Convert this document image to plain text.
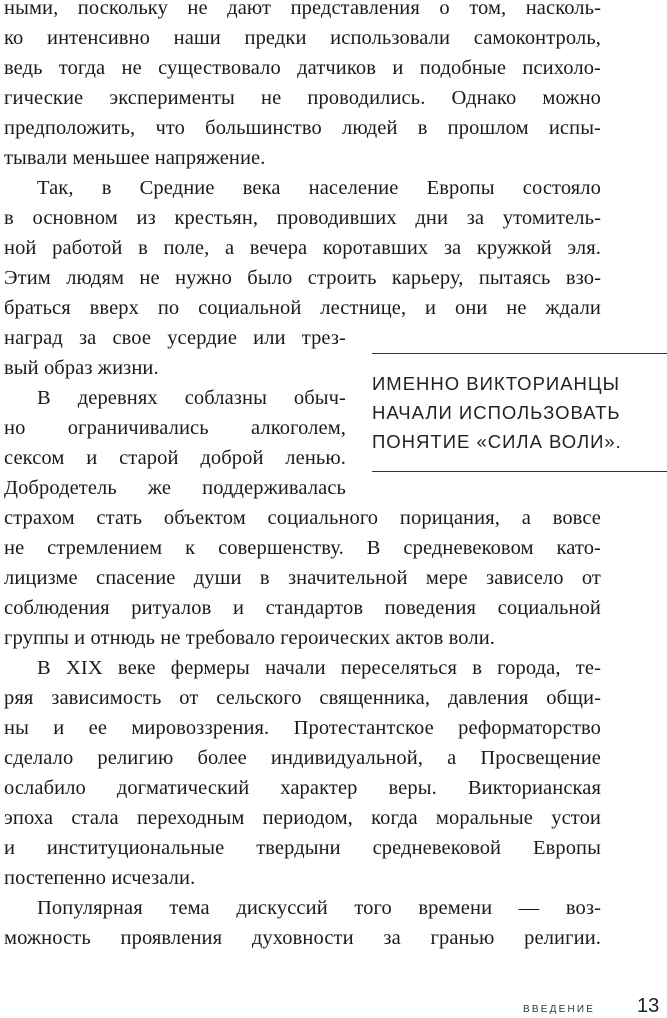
ными, поскольку не дают представления о том, насколь-
ко интенсивно наши предки использовали самоконтроль,
ведь тогда не существовало датчиков и подобные психоло-
гические эксперименты не проводились. Однако можно
предположить, что большинство людей в прошлом испы-
тывали меньшее напряжение.
Так, в Средние века население Европы состояло
в основном из крестьян, проводивших дни за утомитель-
ной работой в поле, а вечера коротавших за кружкой эля.
Этим людям не нужно было строить карьеру, пытаясь взо-
браться вверх по социальной лестнице, и они не ждали
наград за свое усердие или трез-
вый образ жизни.
В деревнях соблазны обыч-
но ограничивались алкоголем,
сексом и старой доброй ленью.
Добродетель же поддерживалась
страхом стать объектом социального порицания, а вовсе
не стремлением к совершенству. В средневековом като-
лицизме спасение души в значительной мере зависело от
соблюдения ритуалов и стандартов поведения социальной
группы и отнюдь не требовало героических актов воли.
В XIX веке фермеры начали переселяться в города, те-
ряя зависимость от сельского священника, давления общи-
ны и ее мировоззрения. Протестантское реформаторство
сделало религию более индивидуальной, а Просвещение
ослабило догматический характер веры. Викторианская
эпоха стала переходным периодом, когда моральные устои
и институциональные твердыни средневековой Европы
постепенно исчезали.
Популярная тема дискуссий того времени — воз-
можность проявления духовности за гранью религии.
ИМЕННО ВИКТОРИАНЦЫ
НАЧАЛИ ИСПОЛЬЗОВАТЬ
ПОНЯТИЕ «СИЛА ВОЛИ».
ВВЕДЕНИЕ 13
